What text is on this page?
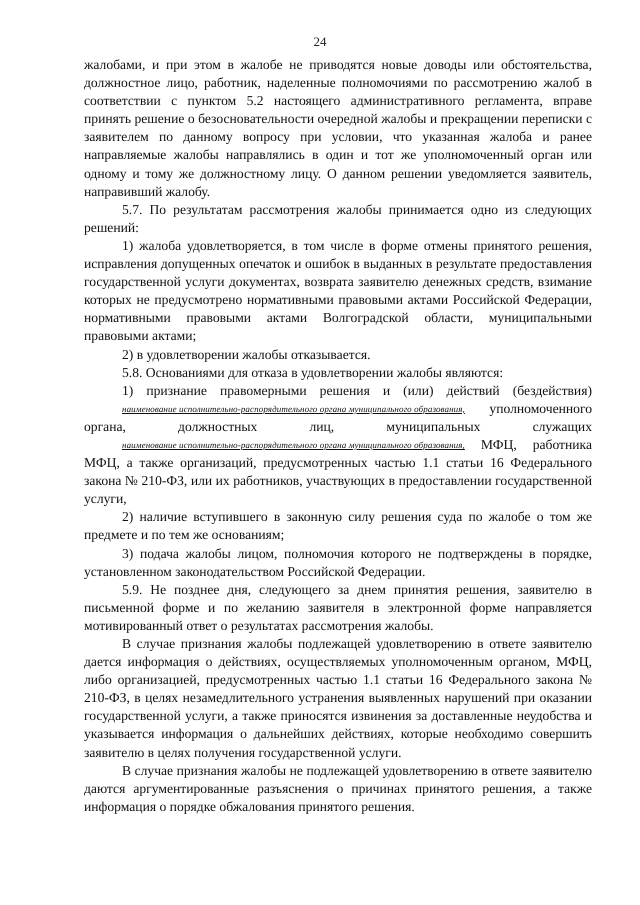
24

жалобами, и при этом в жалобе не приводятся новые доводы или обстоятельства, должностное лицо, работник, наделенные полномочиями по рассмотрению жалоб в соответствии с пунктом 5.2 настоящего административного регламента, вправе принять решение о безосновательности очередной жалобы и прекращении переписки с заявителем по данному вопросу при условии, что указанная жалоба и ранее направляемые жалобы направлялись в один и тот же уполномоченный орган или одному и тому же должностному лицу. О данном решении уведомляется заявитель, направивший жалобу.

5.7. По результатам рассмотрения жалобы принимается одно из следующих решений:

1) жалоба удовлетворяется, в том числе в форме отмены принятого решения, исправления допущенных опечаток и ошибок в выданных в результате предоставления государственной услуги документах, возврата заявителю денежных средств, взимание которых не предусмотрено нормативными правовыми актами Российской Федерации, нормативными правовыми актами Волгоградской области, муниципальными правовыми актами;

2) в удовлетворении жалобы отказывается.

5.8. Основаниями для отказа в удовлетворении жалобы являются:

1) признание правомерными решения и (или) действий (бездействия) наименование исполнительно-распорядительного органа муниципального образования, уполномоченного органа, должностных лиц, муниципальных служащих наименование исполнительно-распорядительного органа муниципального образования, МФЦ, работника МФЦ, а также организаций, предусмотренных частью 1.1 статьи 16 Федерального закона № 210-ФЗ, или их работников, участвующих в предоставлении государственной услуги,

2) наличие вступившего в законную силу решения суда по жалобе о том же предмете и по тем же основаниям;

3) подача жалобы лицом, полномочия которого не подтверждены в порядке, установленном законодательством Российской Федерации.

5.9. Не позднее дня, следующего за днем принятия решения, заявителю в письменной форме и по желанию заявителя в электронной форме направляется мотивированный ответ о результатах рассмотрения жалобы.

В случае признания жалобы подлежащей удовлетворению в ответе заявителю дается информация о действиях, осуществляемых уполномоченным органом, МФЦ, либо организацией, предусмотренных частью 1.1 статьи 16 Федерального закона № 210-ФЗ, в целях незамедлительного устранения выявленных нарушений при оказании государственной услуги, а также приносятся извинения за доставленные неудобства и указывается информация о дальнейших действиях, которые необходимо совершить заявителю в целях получения государственной услуги.

В случае признания жалобы не подлежащей удовлетворению в ответе заявителю даются аргументированные разъяснения о причинах принятого решения, а также информация о порядке обжалования принятого решения.
